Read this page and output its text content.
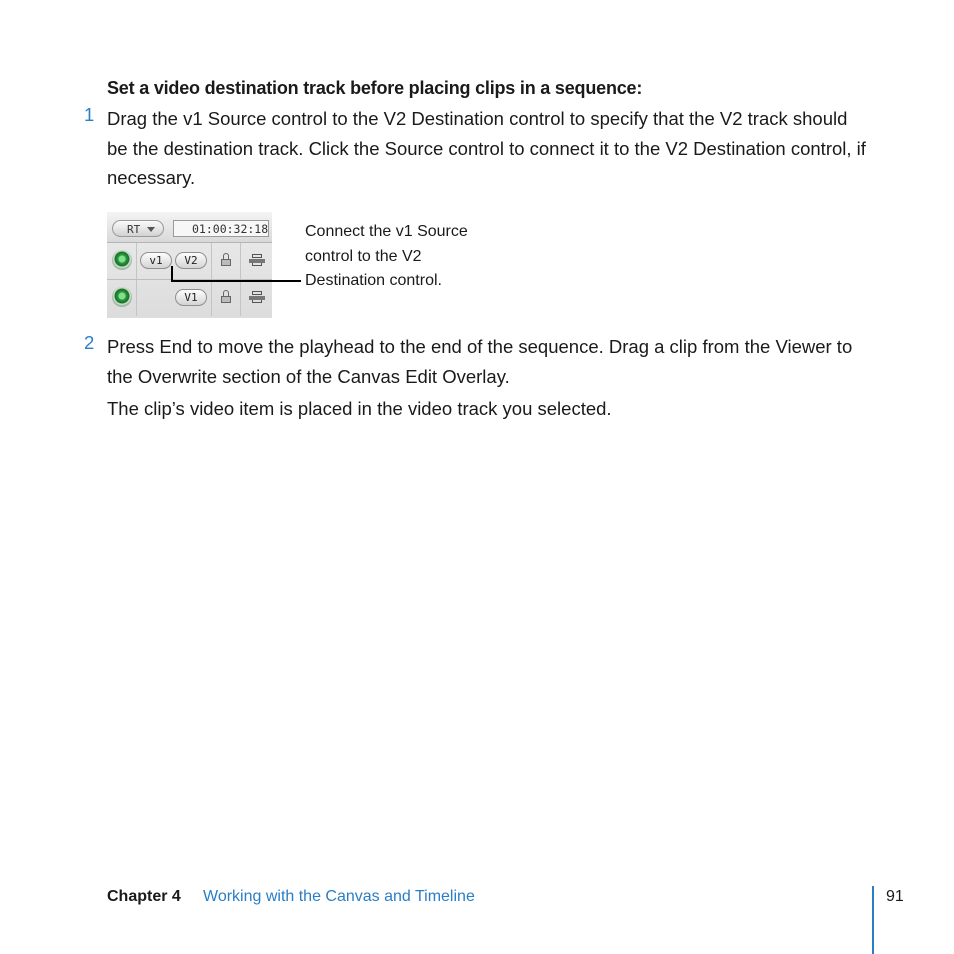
Set a video destination track before placing clips in a sequence:
1 Drag the v1 Source control to the V2 Destination control to specify that the V2 track should be the destination track. Click the Source control to connect it to the V2 Destination control, if necessary.

RT	01:00:32:18
v1	V2
V1

Connect the v1 Source control to the V2 Destination control.

2 Press End to move the playhead to the end of the sequence. Drag a clip from the Viewer to the Overwrite section of the Canvas Edit Overlay.

The clip’s video item is placed in the video track you selected.

Chapter 4 Working with the Canvas and Timeline	91
